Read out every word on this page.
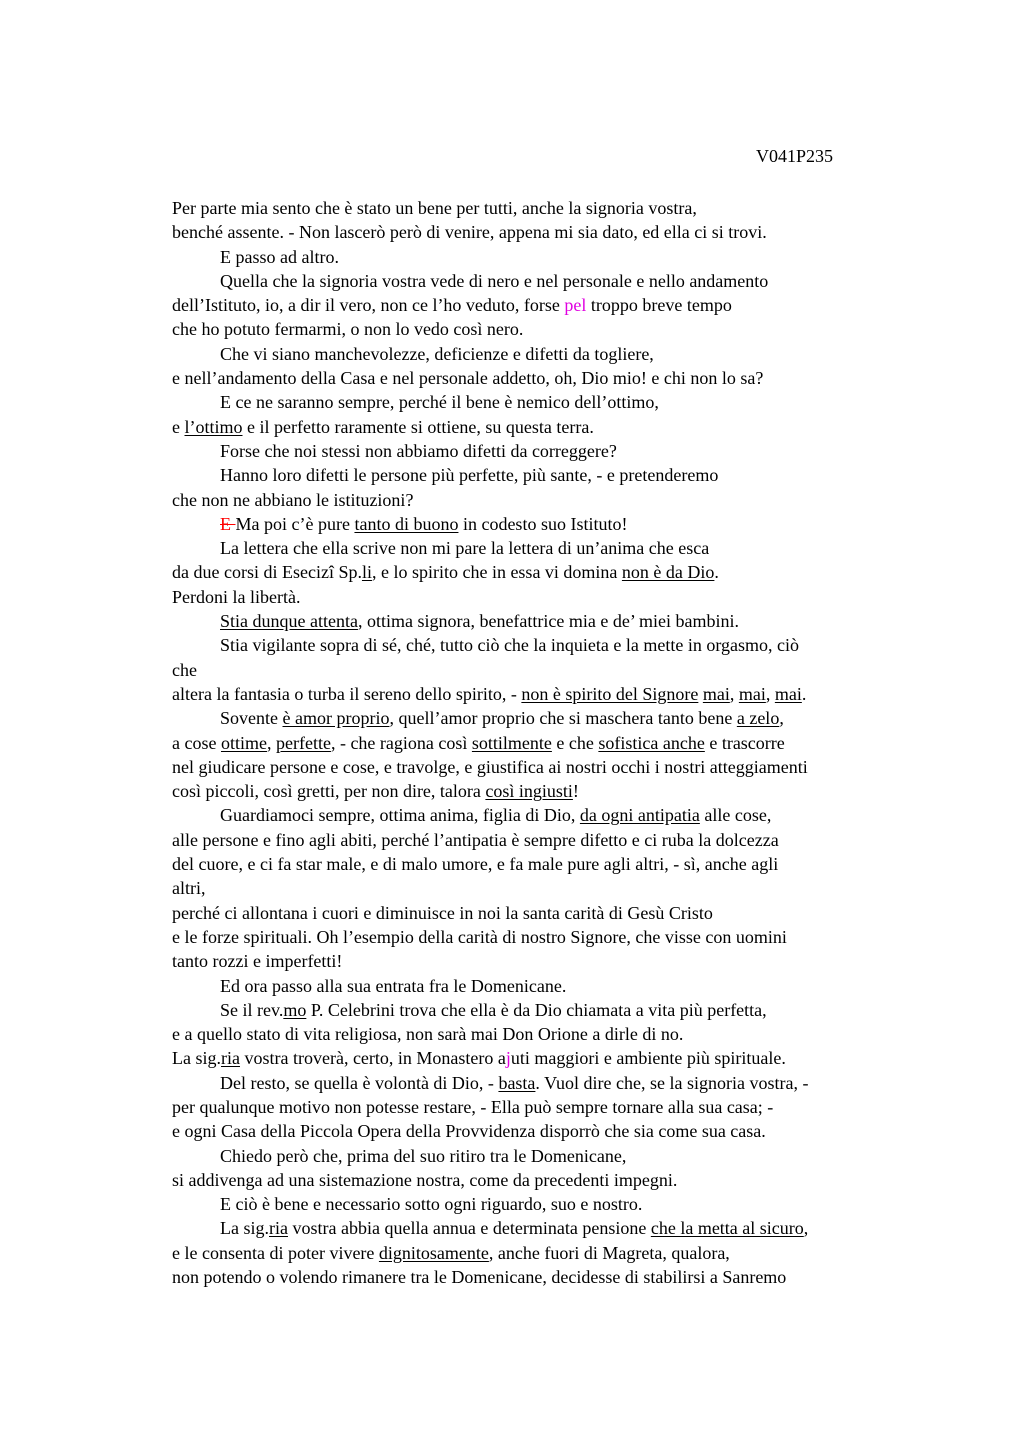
V041P235
Per parte mia sento che è stato un bene per tutti, anche la signoria vostra,
benché assente. - Non lascerò però di venire, appena mi sia dato, ed ella ci si trovi.
E passo ad altro.
Quella che la signoria vostra vede di nero e nel personale e nello andamento
dell’Istituto, io, a dir il vero, non ce l’ho veduto, forse pel troppo breve tempo
che ho potuto fermarmi, o non lo vedo così nero.
Che vi siano manchevolezze, deficienze e difetti da togliere,
e nell’andamento della Casa e nel personale addetto, oh, Dio mio! e chi non lo sa?
E ce ne saranno sempre, perché il bene è nemico dell’ottimo,
e l’ottimo e il perfetto raramente si ottiene, su questa terra.
Forse che noi stessi non abbiamo difetti da correggere?
Hanno loro difetti le persone più perfette, più sante, - e pretenderemo
che non ne abbiano le istituzioni?
E Ma poi c’è pure tanto di buono in codesto suo Istituto!
La lettera che ella scrive non mi pare la lettera di un’anima che esca
da due corsi di Esecizî Sp.li, e lo spirito che in essa vi domina non è da Dio.
Perdoni la libertà.
Stia dunque attenta, ottima signora, benefattrice mia e de’ miei bambini.
Stia vigilante sopra di sé, ché, tutto ciò che la inquieta e la mette in orgasmo, ciò
che
altera la fantasia o turba il sereno dello spirito, - non è spirito del Signore mai, mai, mai.
Sovente è amor proprio, quell’amor proprio che si maschera tanto bene a zelo,
a cose ottime, perfette, - che ragiona così sottilmente e che sofistica anche e trascorre
nel giudicare persone e cose, e travolge, e giustifica ai nostri occhi i nostri atteggiamenti
così piccoli, così gretti, per non dire, talora così ingiusti!
Guardiamoci sempre, ottima anima, figlia di Dio, da ogni antipatia alle cose,
alle persone e fino agli abiti, perché l’antipatia è sempre difetto e ci ruba la dolcezza
del cuore, e ci fa star male, e di malo umore, e fa male pure agli altri, - sì, anche agli
altri,
perché ci allontana i cuori e diminuisce in noi la santa carità di Gesù Cristo
e le forze spirituali. Oh l’esempio della carità di nostro Signore, che visse con uomini
tanto rozzi e imperfetti!
Ed ora passo alla sua entrata fra le Domenicane.
Se il rev.mo P. Celebrini trova che ella è da Dio chiamata a vita più perfetta,
e a quello stato di vita religiosa, non sarà mai Don Orione a dirle di no.
La sig.ria vostra troverà, certo, in Monastero ajuti maggiori e ambiente più spirituale.
Del resto, se quella è volontà di Dio, - basta. Vuol dire che, se la signoria vostra, -
per qualunque motivo non potesse restare, - Ella può sempre tornare alla sua casa; -
e ogni Casa della Piccola Opera della Provvidenza disporrò che sia come sua casa.
Chiedo però che, prima del suo ritiro tra le Domenicane,
si addivenga ad una sistemazione nostra, come da precedenti impegni.
E ciò è bene e necessario sotto ogni riguardo, suo e nostro.
La sig.ria vostra abbia quella annua e determinata pensione che la metta al sicuro,
e le consenta di poter vivere dignitosamente, anche fuori di Magreta, qualora,
non potendo o volendo rimanere tra le Domenicane, decidesse di stabilirsi a Sanremo
